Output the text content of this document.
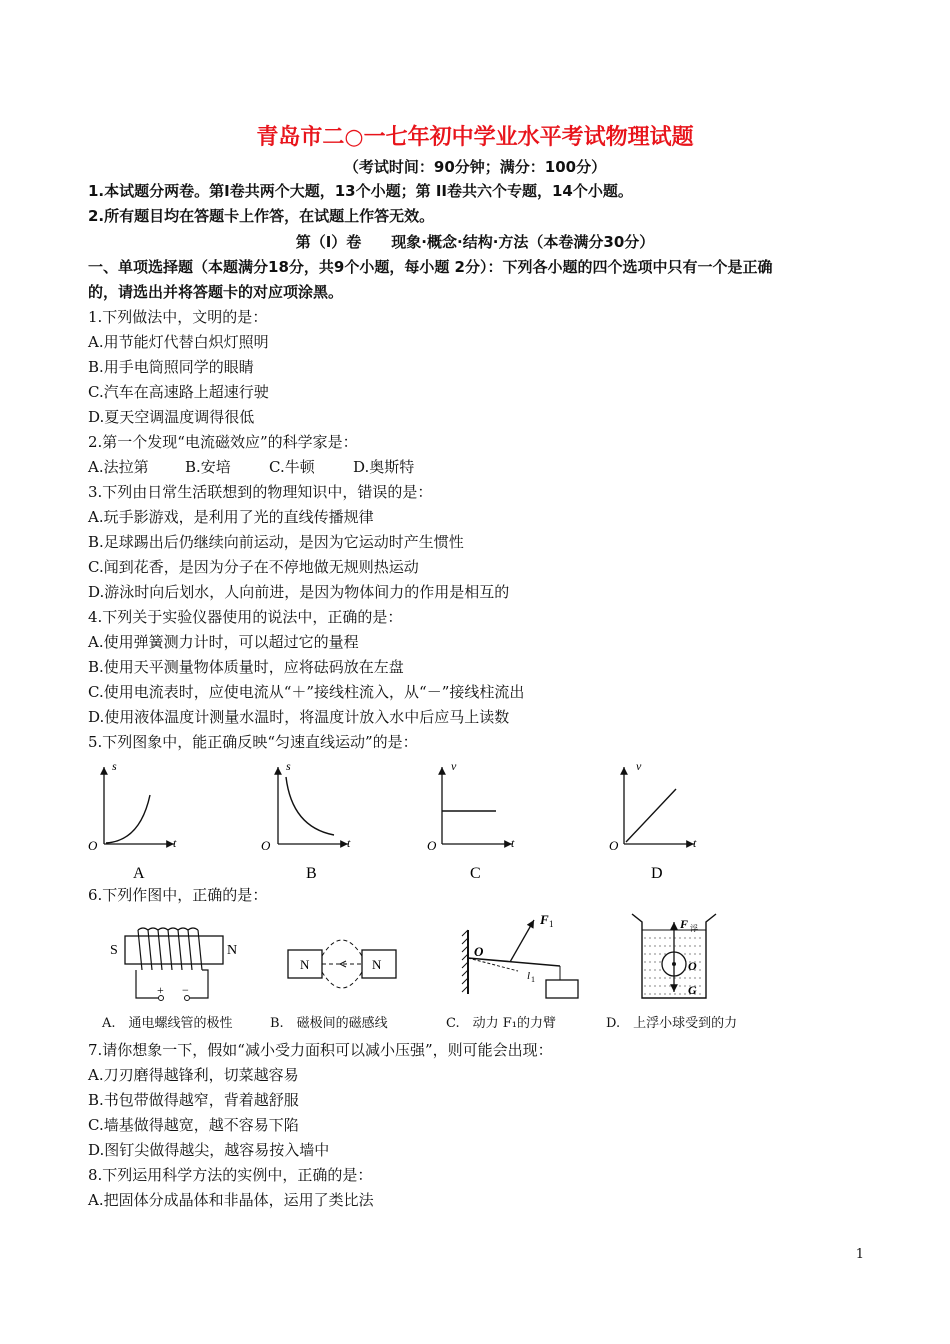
青岛市二○一七年初中学业水平考试物理试题
（考试时间：90分钟；满分：100分）
1.本试题分两卷。第Ⅰ卷共两个大题，13个小题；第 II卷共六个专题，14个小题。
2.所有题目均在答题卡上作答，在试题上作答无效。
第（I）卷　　现象·概念·结构·方法（本卷满分30分）
一、单项选择题（本题满分18分，共9个小题，每小题 2分）：下列各小题的四个选项中只有一个是正确
的，请选出并将答题卡的对应项涂黑。
1.下列做法中，文明的是：
A.用节能灯代替白炽灯照明
B.用手电筒照同学的眼睛
C.汽车在高速路上超速行驶
D.夏天空调温度调得很低
2.第一个发现“电流磁效应”的科学家是：
A.法拉第 B.安培	C.牛顿	D.奥斯特
3.下列由日常生活联想到的物理知识中，错误的是：
A.玩手影游戏，是利用了光的直线传播规律
B.足球踢出后仍继续向前运动，是因为它运动时产生惯性
C.闻到花香，是因为分子在不停地做无规则热运动
D.游泳时向后划水，人向前进，是因为物体间力的作用是相互的
4.下列关于实验仪器使用的说法中，正确的是：
A.使用弹簧测力计时，可以超过它的量程
B.使用天平测量物体质量时，应将砝码放在左盘
C.使用电流表时，应使电流从“＋”接线柱流入，从“－”接线柱流出
D.使用液体温度计测量水温时，将温度计放入水中后应马上读数
5.下列图象中，能正确反映“匀速直线运动”的是：
s
t
O
A
s
t
O
B
v
t
O
C
v
t
O
D
6.下列作图中，正确的是：
S	N
+ −
N	N
O
F 1
l 1
F 浮
O
G
A.　通电螺线管的极性	B.　磁极间的磁感线	C.　动力 F₁的力臂	D.　上浮小球受到的力
7.请你想象一下，假如“减小受力面积可以减小压强”，则可能会出现：
A.刀刃磨得越锋利，切菜越容易
B.书包带做得越窄，背着越舒服
C.墙基做得越宽，越不容易下陷
D.图钉尖做得越尖，越容易按入墙中
8.下列运用科学方法的实例中，正确的是：
A.把固体分成晶体和非晶体，运用了类比法
1
